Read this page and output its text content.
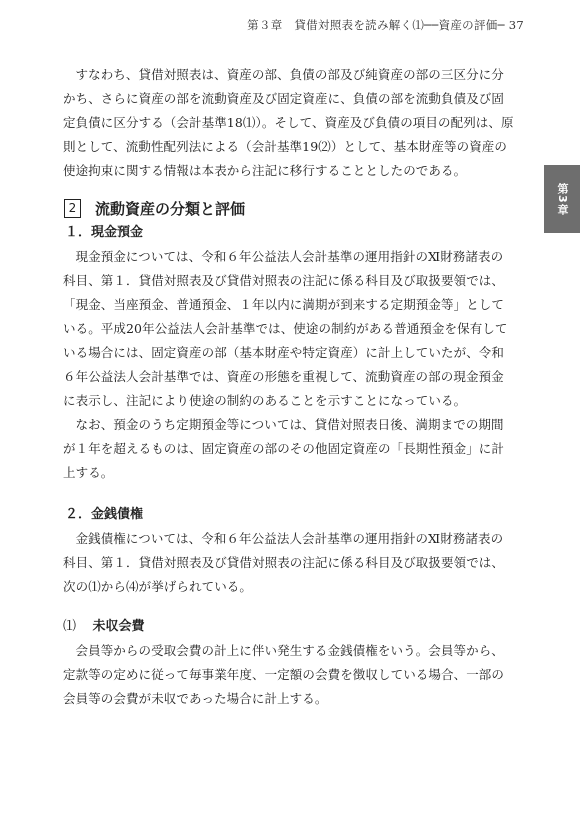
第３章　貸借対照表を読み解く⑴──資産の評価─ 37
第3章

すなわち、貸借対照表は、資産の部、負債の部及び純資産の部の三区分に分かち、さらに資産の部を流動資産及び固定資産に、負債の部を流動負債及び固定負債に区分する（会計基準18⑴）。そして、資産及び負債の項目の配列は、原則として、流動性配列法による（会計基準19⑵）として、基本財産等の資産の使途拘束に関する情報は本表から注記に移行することとしたのである。

2	流動資産の分類と評価
１．現金預金

現金預金については、令和６年公益法人会計基準の運用指針のⅪ財務諸表の科目、第１．貸借対照表及び貸借対照表の注記に係る科目及び取扱要領では、「現金、当座預金、普通預金、１年以内に満期が到来する定期預金等」としている。平成20年公益法人会計基準では、使途の制約がある普通預金を保有している場合には、固定資産の部（基本財産や特定資産）に計上していたが、令和６年公益法人会計基準では、資産の形態を重視して、流動資産の部の現金預金に表示し、注記により使途の制約のあることを示すことになっている。

なお、預金のうち定期預金等については、貸借対照表日後、満期までの期間が１年を超えるものは、固定資産の部のその他固定資産の「長期性預金」に計上する。

２．金銭債権

金銭債権については、令和６年公益法人会計基準の運用指針のⅪ財務諸表の科目、第１．貸借対照表及び貸借対照表の注記に係る科目及び取扱要領では、次の⑴から⑷が挙げられている。

⑴ 未収会費

会員等からの受取会費の計上に伴い発生する金銭債権をいう。会員等から、定款等の定めに従って毎事業年度、一定額の会費を徴収している場合、一部の会員等の会費が未収であった場合に計上する。
